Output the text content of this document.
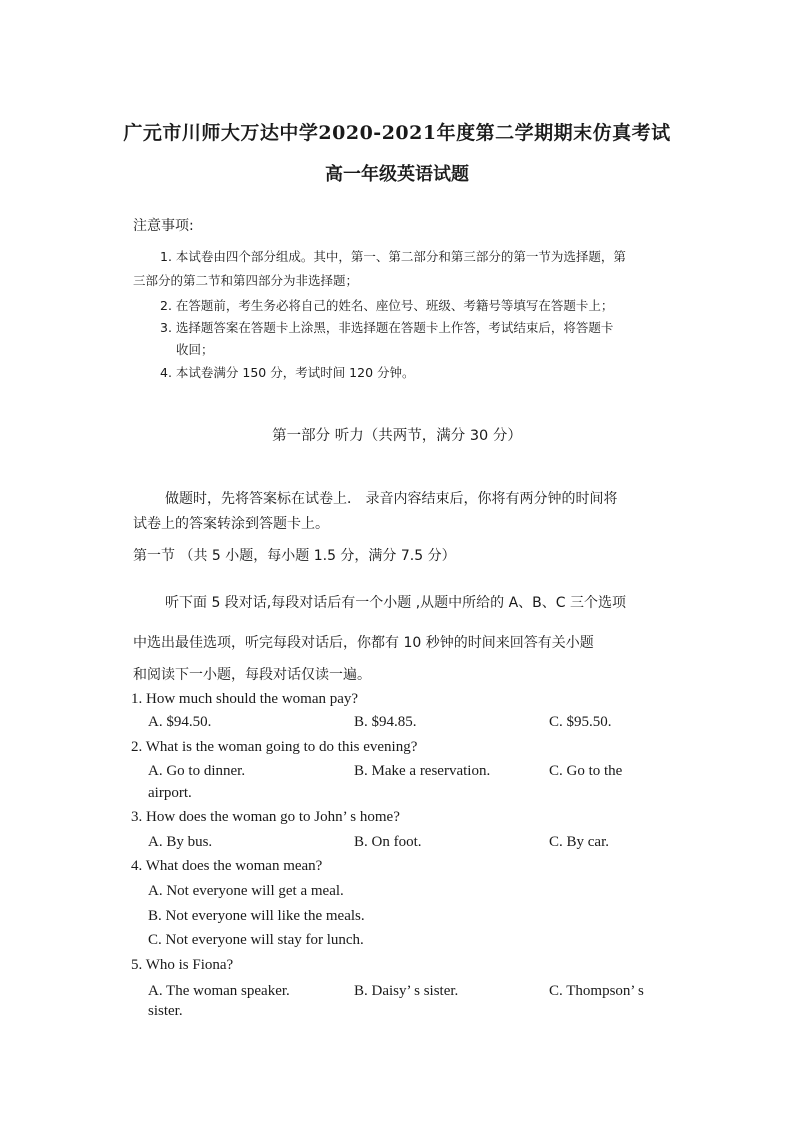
广元市川师大万达中学2020-2021年度第二学期期末仿真考试
高一年级英语试题
注意事项:
1. 本试卷由四个部分组成。其中，第一、第二部分和第三部分的第一节为选择题，第
三部分的第二节和第四部分为非选择题；
2. 在答题前，考生务必将自己的姓名、座位号、班级、考籍号等填写在答题卡上；
3. 选择题答案在答题卡上涂黑，非选择题在答题卡上作答，考试结束后，将答题卡
收回；
4. 本试卷满分 150 分，考试时间 120 分钟。
第一部分 听力（共两节，满分 30 分）
做题时，先将答案标在试卷上． 录音内容结束后，你将有两分钟的时间将
试卷上的答案转涂到答题卡上。
第一节 （共 5 小题，每小题 1.5 分，满分 7.5 分）
听下面 5 段对话,每段对话后有一个小题 ,从题中所给的 A、B、C 三个选项
中选出最佳选项，听完每段对话后，你都有 10 秒钟的时间来回答有关小题
和阅读下一小题，每段对话仅读一遍。
1. How much should the woman pay?
A. $94.50.	B. $94.85.	C. $95.50.
2. What is the woman going to do this evening?
A. Go to dinner.	B. Make a reservation.	C. Go to the
airport.
3. How does the woman go to John’ s home?
A. By bus.	B. On foot.	C. By car.
4. What does the woman mean?
A. Not everyone will get a meal.
B. Not everyone will like the meals.
C. Not everyone will stay for lunch.
5. Who is Fiona?
A. The woman speaker.	B. Daisy’ s sister.	C. Thompson’ s
sister.
